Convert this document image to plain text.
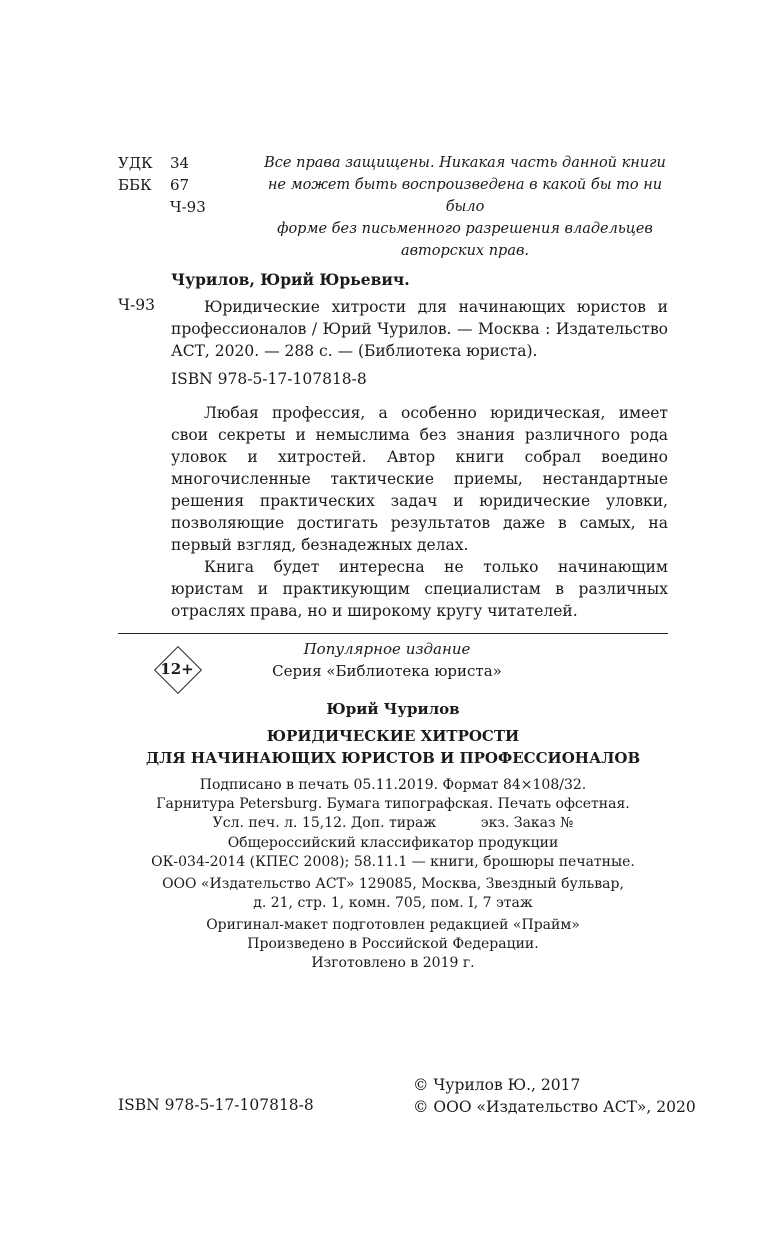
УДК 34
ББК 67
Ч-93
Все права защищены. Никакая часть данной книги
не может быть воспроизведена в какой бы то ни было
форме без письменного разрешения владельцев
авторских прав.
Чурилов, Юрий Юрьевич.
Ч-93	Юридические хитрости для начинающих юристов и профессионалов / Юрий Чурилов. — Москва : Издательство АСТ, 2020. — 288 с. — (Библиотека юриста).
ISBN 978-5-17-107818-8

Любая профессия, а особенно юридическая, имеет свои секреты и немыслима без знания различного рода уловок и хитростей. Автор книги собрал воедино многочисленные тактические приемы, нестандартные решения практических задач и юридические уловки, позволяющие достигать результатов даже в самых, на первый взгляд, безнадежных делах.

Книга будет интересна не только начинающим юристам и практикующим специалистам в различных отраслях права, но и широкому кругу читателей.

12+
Популярное издание
Серия «Библиотека юриста»
Юрий Чурилов
ЮРИДИЧЕСКИЕ ХИТРОСТИ
ДЛЯ НАЧИНАЮЩИХ ЮРИСТОВ И ПРОФЕССИОНАЛОВ
Подписано в печать 05.11.2019. Формат 84×108/32.
Гарнитура Petersburg. Бумага типографская. Печать офсетная.
Усл. печ. л. 15,12. Доп. тираж          экз. Заказ №
Общероссийский классификатор продукции
ОК-034-2014 (КПЕС 2008); 58.11.1 — книги, брошюры печатные.
ООО «Издательство АСТ» 129085, Москва, Звездный бульвар,
д. 21, стр. 1, комн. 705, пом. I, 7 этаж
Оригинал-макет подготовлен редакцией «Прайм»
Произведено в Российской Федерации.
Изготовлено в 2019 г.
© Чурилов Ю., 2017
© ООО «Издательство АСТ», 2020
ISBN 978-5-17-107818-8
